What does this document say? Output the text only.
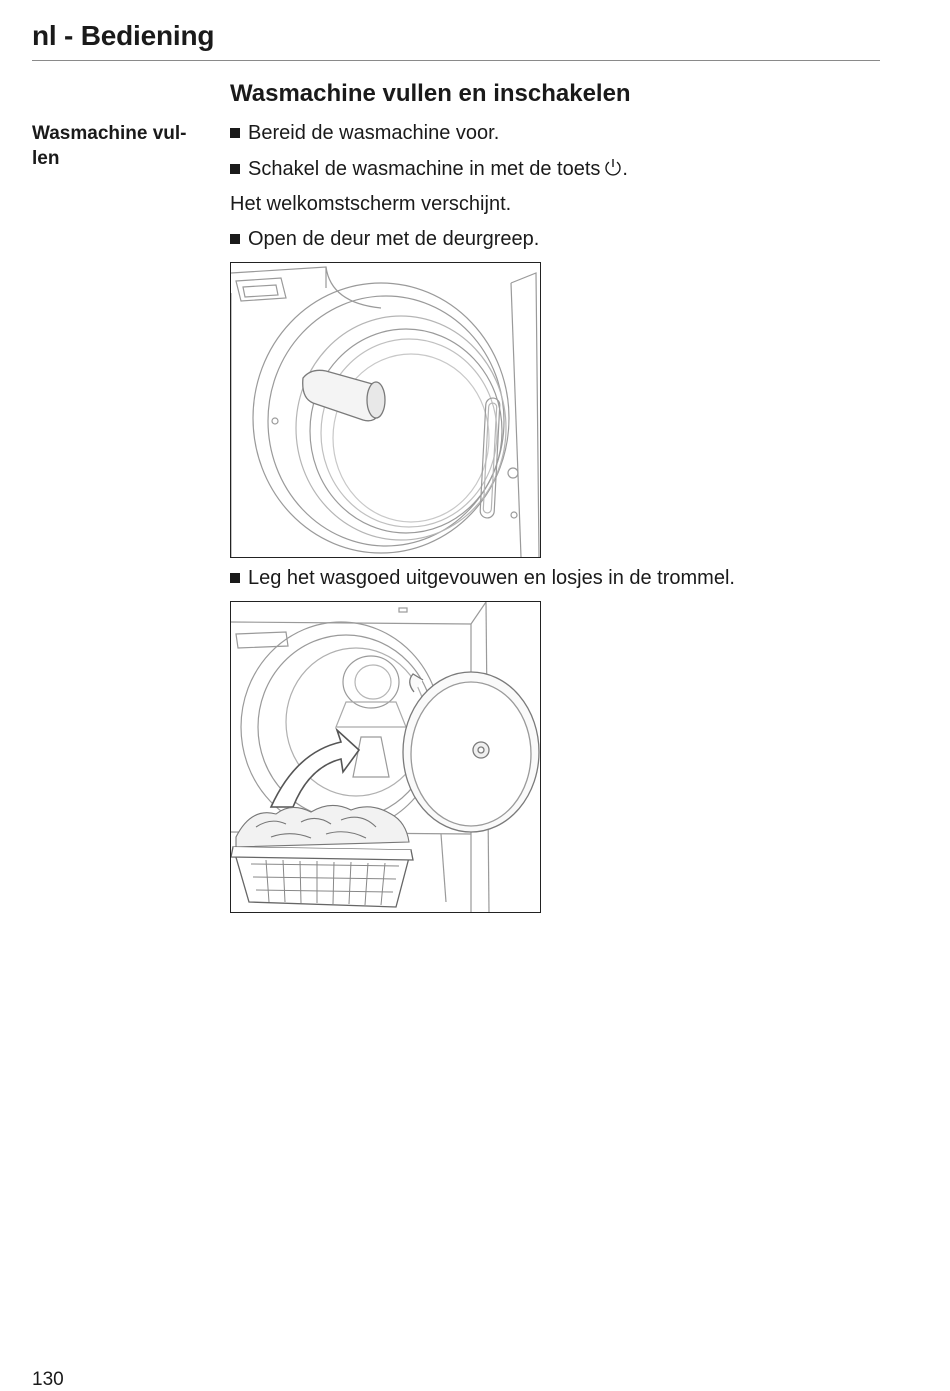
nl - Bediening
Wasmachine vullen en inschakelen
Wasmachine vul-
len
Bereid de wasmachine voor.
Schakel de wasmachine in met de toets .
Het welkomstscherm verschijnt.
Open de deur met de deurgreep.
Leg het wasgoed uitgevouwen en losjes in de trommel.
130
